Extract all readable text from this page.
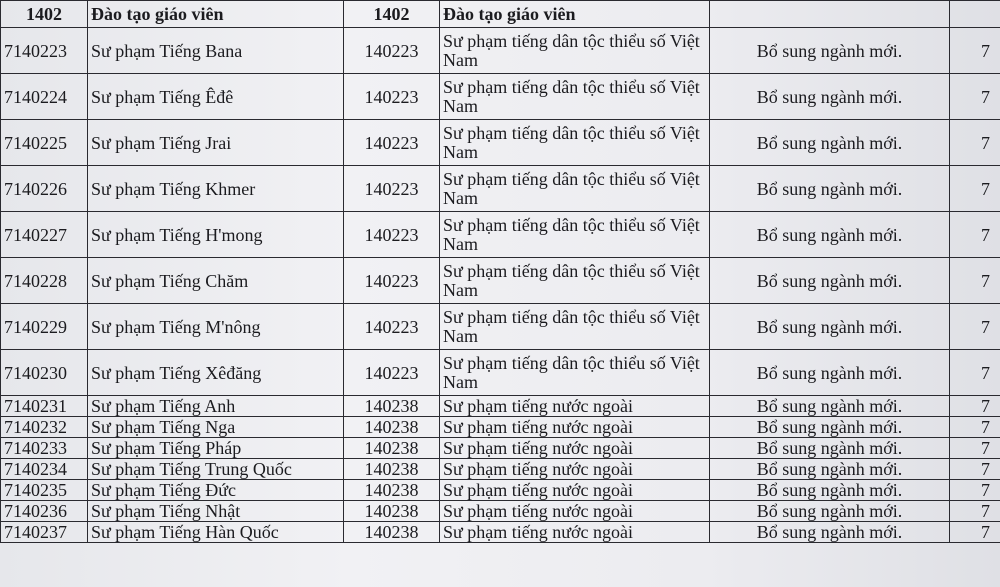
1402	Đào tạo giáo viên	1402	Đào tạo giáo viên		
7140223	Sư phạm Tiếng Bana	140223	Sư phạm tiếng dân tộc thiểu số Việt Nam	Bổ sung ngành mới.	7
7140224	Sư phạm Tiếng Êđê	140223	Sư phạm tiếng dân tộc thiểu số Việt Nam	Bổ sung ngành mới.	7
7140225	Sư phạm Tiếng Jrai	140223	Sư phạm tiếng dân tộc thiểu số Việt Nam	Bổ sung ngành mới.	7
7140226	Sư phạm Tiếng Khmer	140223	Sư phạm tiếng dân tộc thiểu số Việt Nam	Bổ sung ngành mới.	7
7140227	Sư phạm Tiếng H'mong	140223	Sư phạm tiếng dân tộc thiểu số Việt Nam	Bổ sung ngành mới.	7
7140228	Sư phạm Tiếng Chăm	140223	Sư phạm tiếng dân tộc thiểu số Việt Nam	Bổ sung ngành mới.	7
7140229	Sư phạm Tiếng M'nông	140223	Sư phạm tiếng dân tộc thiểu số Việt Nam	Bổ sung ngành mới.	7
7140230	Sư phạm Tiếng Xêđăng	140223	Sư phạm tiếng dân tộc thiểu số Việt Nam	Bổ sung ngành mới.	7
7140231	Sư phạm Tiếng Anh	140238	Sư phạm tiếng nước ngoài	Bổ sung ngành mới.	7
7140232	Sư phạm Tiếng Nga	140238	Sư phạm tiếng nước ngoài	Bổ sung ngành mới.	7
7140233	Sư phạm Tiếng Pháp	140238	Sư phạm tiếng nước ngoài	Bổ sung ngành mới.	7
7140234	Sư phạm Tiếng Trung Quốc	140238	Sư phạm tiếng nước ngoài	Bổ sung ngành mới.	7
7140235	Sư phạm Tiếng Đức	140238	Sư phạm tiếng nước ngoài	Bổ sung ngành mới.	7
7140236	Sư phạm Tiếng Nhật	140238	Sư phạm tiếng nước ngoài	Bổ sung ngành mới.	7
7140237	Sư phạm Tiếng Hàn Quốc	140238	Sư phạm tiếng nước ngoài	Bổ sung ngành mới.	7
